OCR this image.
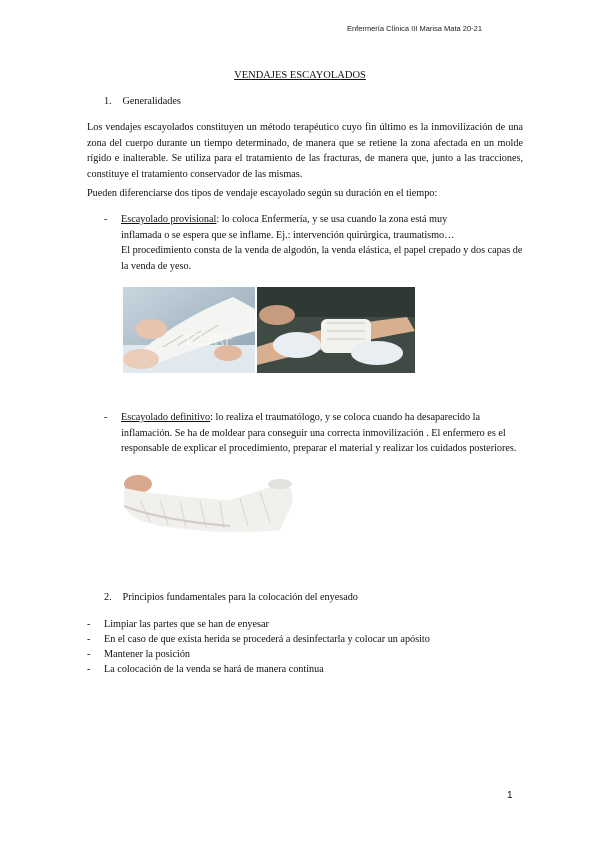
Enfermería Clínica III Marisa Mata 20-21
VENDAJES ESCAYOLADOS
1. Generalidades
Los vendajes escayolados constituyen un método terapéutico cuyo fin último es la inmovilización de una zona del cuerpo durante un tiempo determinado, de manera que se retiene la zona afectada en un molde rígido e inalterable. Se utiliza para el tratamiento de las fracturas, de manera que, junto a las tracciones, constituye el tratamiento conservador de las mismas.
Pueden diferenciarse dos tipos de vendaje escayolado según su duración en el tiempo:
- Escayolado provisional: lo coloca Enfermería, y se usa cuando la zona está muy
inflamada o se espera que se inflame. Ej.: intervención quirúrgica, traumatismo…
El procedimiento consta de la venda de algodón, la venda elástica, el papel crepado y dos capas de la venda de yeso.
123RF
- Escayolado definitivo: lo realiza el traumatólogo, y se coloca cuando ha desaparecido la inflamación. Se ha de moldear para conseguir una correcta inmovilización . El enfermero es el responsable de explicar el procedimiento, preparar el material y realizar los cuidados posteriores.
2. Principios fundamentales para la colocación del enyesado
- Limpiar las partes que se han de enyesar
- En el caso de que exista herida se procederá a desinfectarla y colocar un apósito
- Mantener la posición
- La colocación de la venda se hará de manera continua
1
